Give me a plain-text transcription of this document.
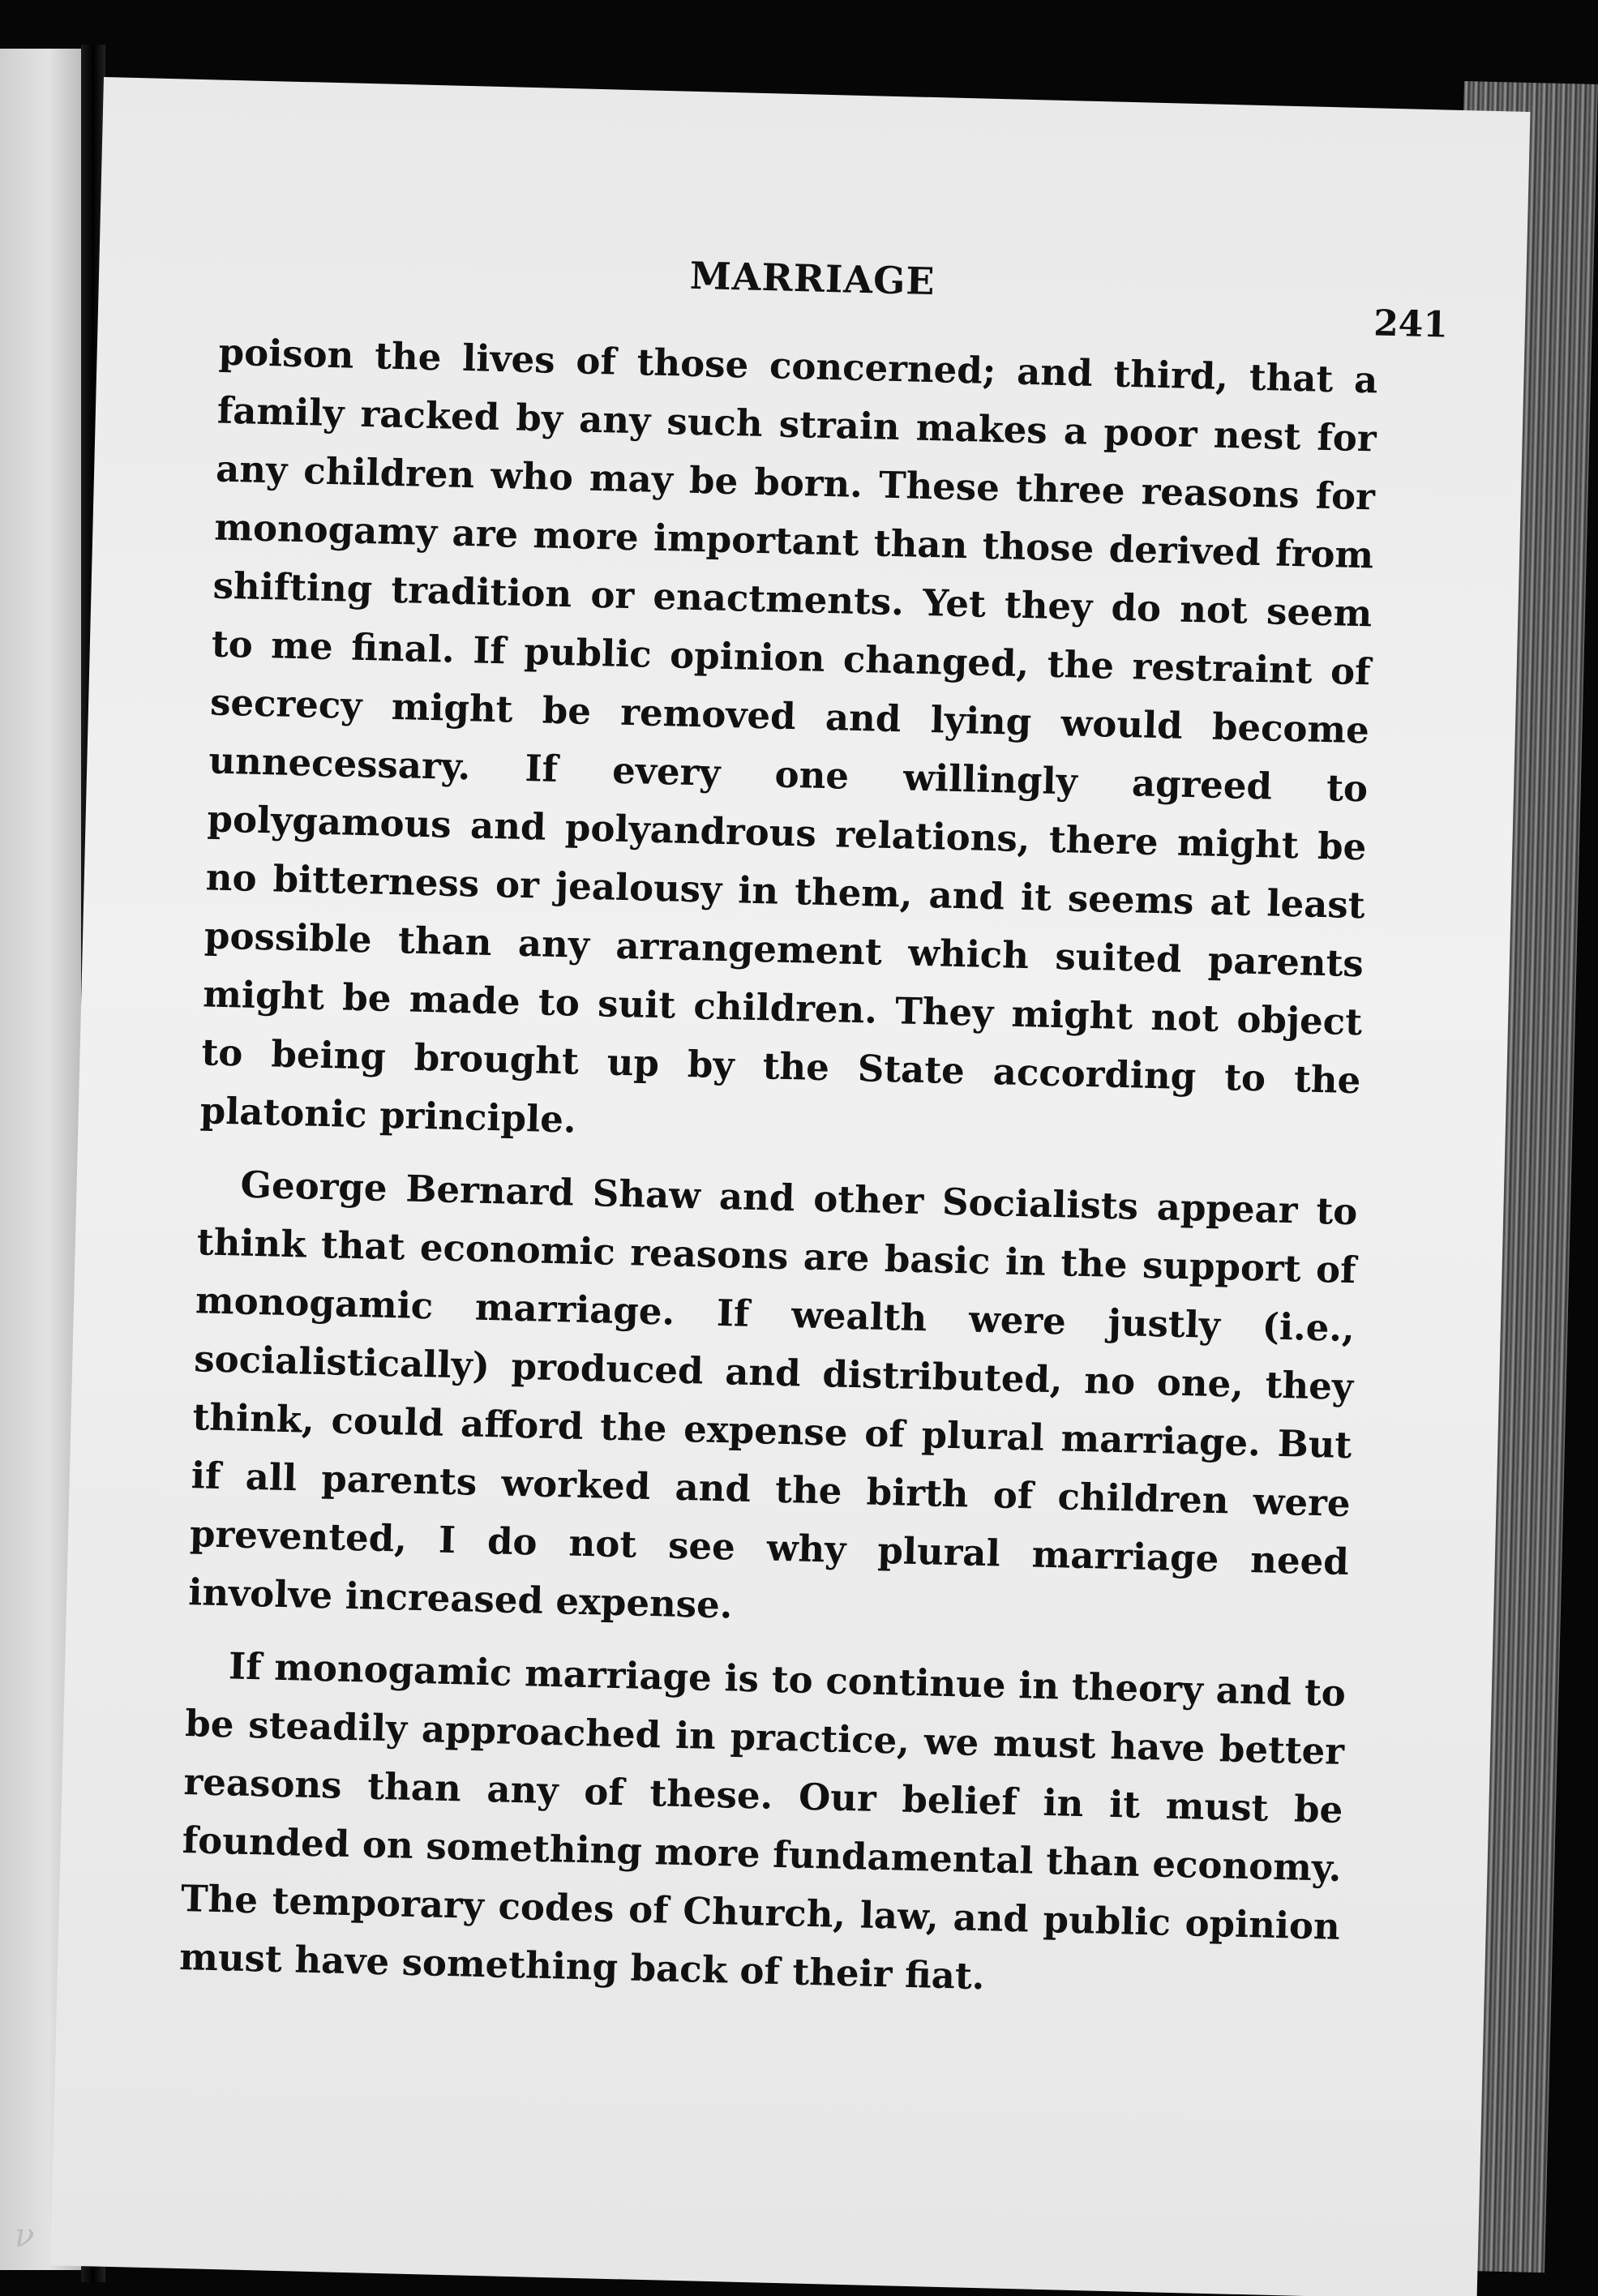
MARRIAGE
241

poison the lives of those concerned; and third, that a family racked by any such strain makes a poor nest for any children who may be born. These three reasons for monogamy are more important than those derived from shifting tradition or enactments. Yet they do not seem to me final. If public opinion changed, the restraint of secrecy might be removed and lying would become unnecessary. If every one willingly agreed to polygamous and polyandrous relations, there might be no bitterness or jealousy in them, and it seems at least possible than any arrangement which suited parents might be made to suit children. They might not object to being brought up by the State according to the platonic principle.

George Bernard Shaw and other Socialists appear to think that economic reasons are basic in the support of monogamic marriage. If wealth were justly (i.e., socialistically) produced and distributed, no one, they think, could afford the expense of plural marriage. But if all parents worked and the birth of children were prevented, I do not see why plural marriage need involve increased expense.

If monogamic marriage is to continue in theory and to be steadily approached in practice, we must have better reasons than any of these. Our belief in it must be founded on something more fundamental than economy. The temporary codes of Church, law, and public opinion must have something back of their fiat.

ν
